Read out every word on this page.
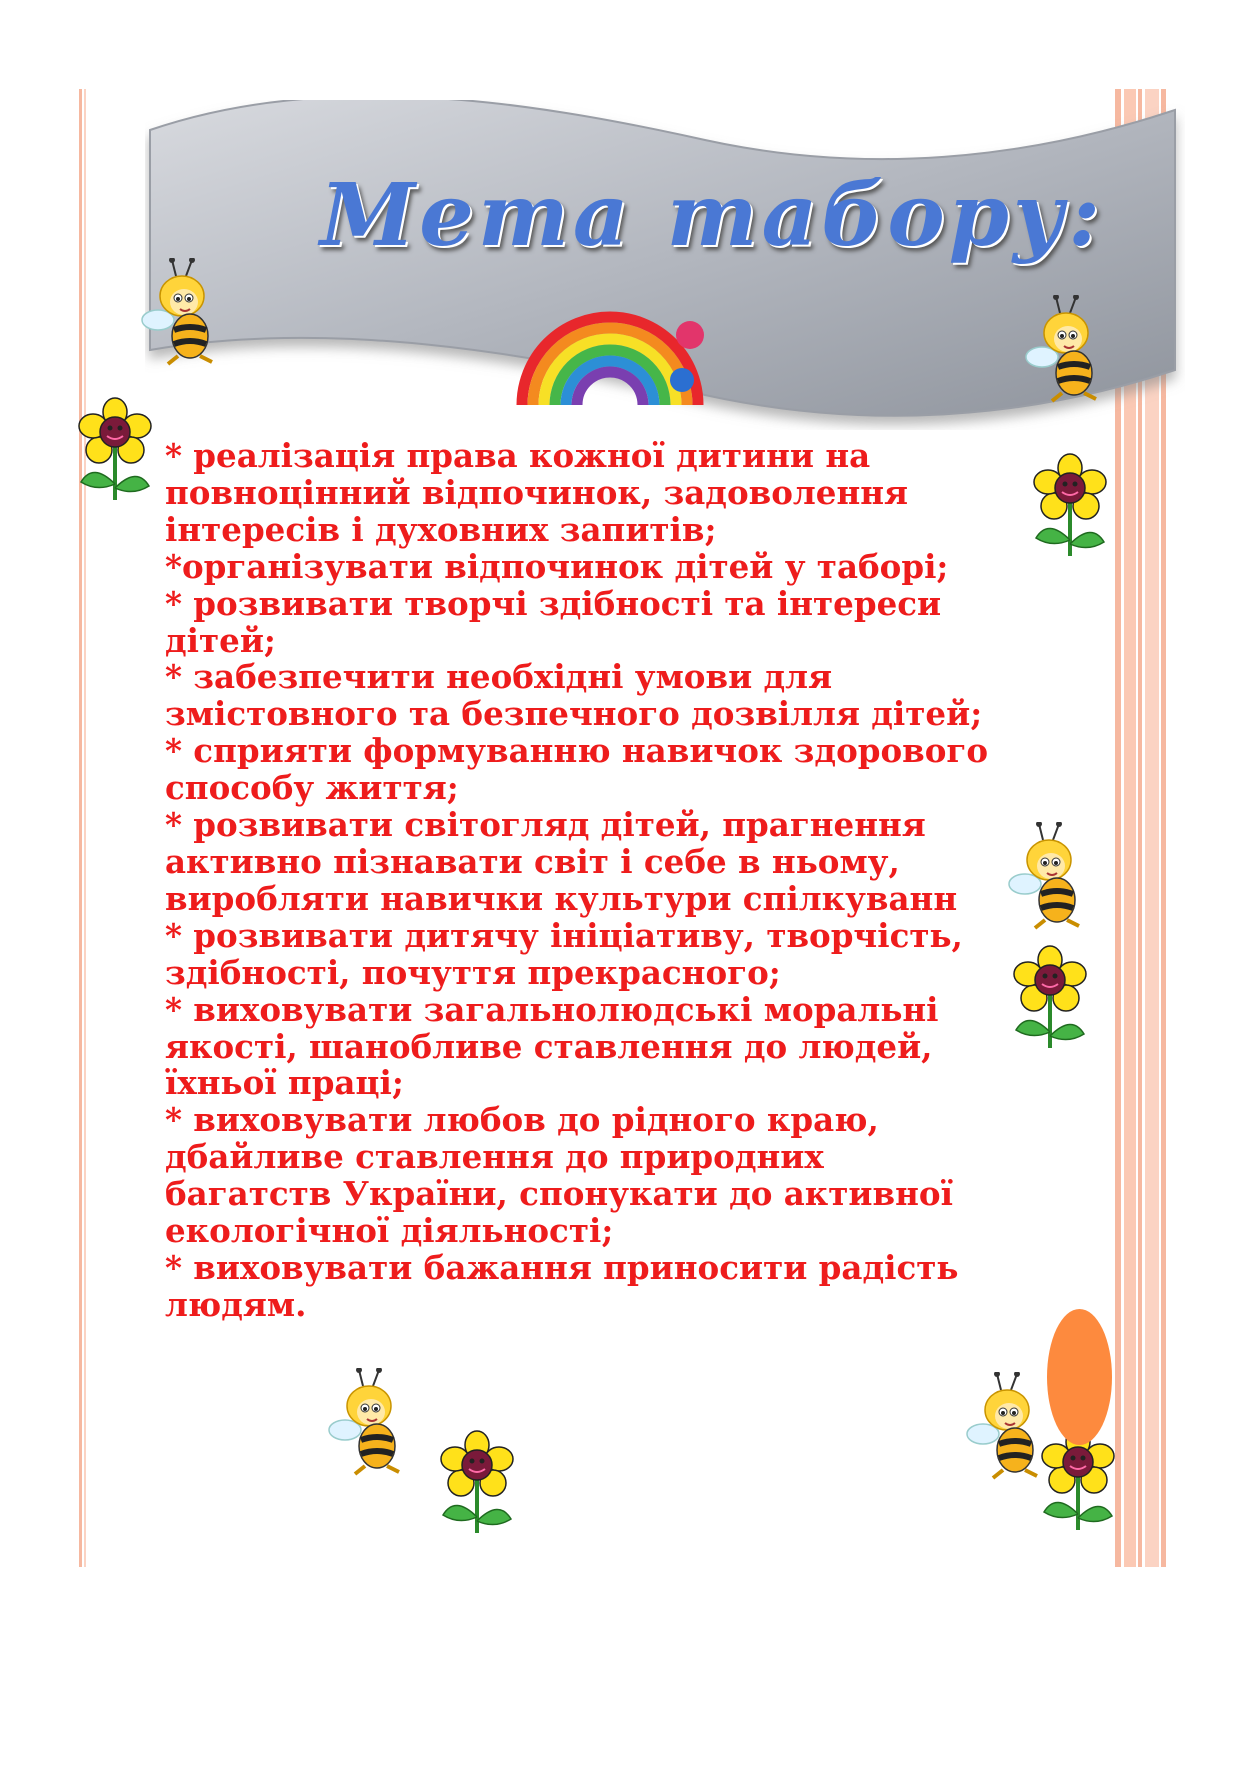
Мета табору:
* реалізація права кожної дитини на
повноцінний відпочинок, задоволення
інтересів і духовних запитів;
*організувати відпочинок дітей у таборі;
* розвивати творчі здібності та інтереси
дітей;
* забезпечити необхідні умови для
змістовного та безпечного дозвілля дітей;
* сприяти формуванню навичок здорового
способу життя;
* розвивати світогляд дітей, прагнення
активно пізнавати світ і себе в ньому,
виробляти навички культури спілкуванн
* розвивати дитячу ініціативу, творчість,
здібності, почуття прекрасного;
* виховувати загальнолюдські моральні
якості, шанобливе ставлення до людей,
їхньої праці;
* виховувати любов до рідного краю,
дбайливе ставлення до природних
багатств України, спонукати до активної
екологічної діяльності;
* виховувати бажання приносити радість
людям.
